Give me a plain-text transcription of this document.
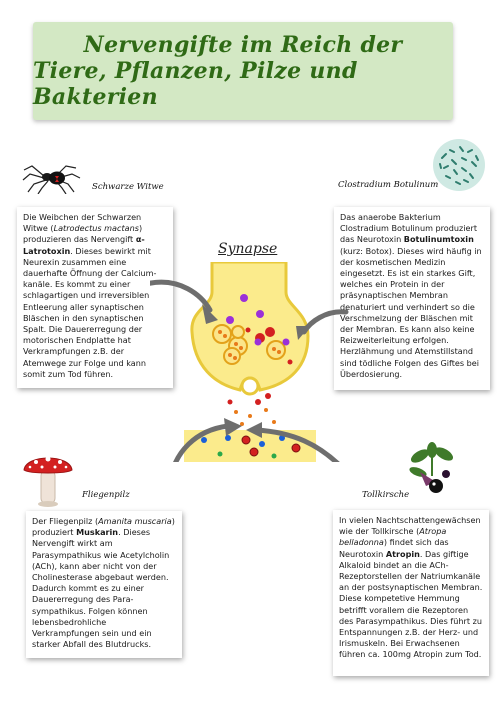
Nervengifte im Reich der
Tiere, Pflanzen, Pilze und Bakterien
Schwarze Witwe	Clostradium Botulinum
Synapse

Die Weibchen der Schwarzen Witwe (Latrodectus mactans) produzieren das Nervengift α-Latrotoxin. Dieses bewirkt mit Neurexin zusammen eine dauerhafte Öffnung der Calcium-kanäle. Es kommt zu einer schlagartigen und irreversiblen Entleerung aller synaptischen Bläschen in den synaptischen Spalt. Die Dauererregung der motorischen Endplatte hat Verkrampfungen z.B. der Atemwege zur Folge und kann somit zum Tod führen.

Das anaerobe Bakterium Clostradium Botulinum produziert das Neurotoxin Botulinumtoxin (kurz: Botox). Dieses wird häufig in der kosmetischen Medizin eingesetzt. Es ist ein starkes Gift, welches ein Protein in der präsynaptischen Membran denaturiert und verhindert so die Verschmelzung der Bläschen mit der Membran. Es kann also keine Reizweiterleitung erfolgen. Herzlähmung und Atemstillstand sind tödliche Folgen des Giftes bei Überdosierung.

Fliegenpilz	Tollkirsche

Der Fliegenpilz (Amanita muscaria) produziert Muskarin. Dieses Nervengift wirkt am Parasympathikus wie Acetylcholin (ACh), kann aber nicht von der Cholinesterase abgebaut werden. Dadurch kommt es zu einer Dauererregung des Para-sympathikus. Folgen können lebensbedrohliche Verkrampfungen sein und ein starker Abfall des Blutdrucks.

In vielen Nachtschattengewächsen wie der Tollkirsche (Atropa belladonna) findet sich das Neurotoxin Atropin. Das giftige Alkaloid bindet an die ACh-Rezeptorstellen der Natriumkanäle an der postsynaptischen Membran. Diese kompetetive Hemmung betrifft vorallem die Rezeptoren des Parasympathikus. Dies führt zu Entspannungen z.B. der Herz- und Irismuskeln. Bei Erwachsenen führen ca. 100mg Atropin zum Tod.
